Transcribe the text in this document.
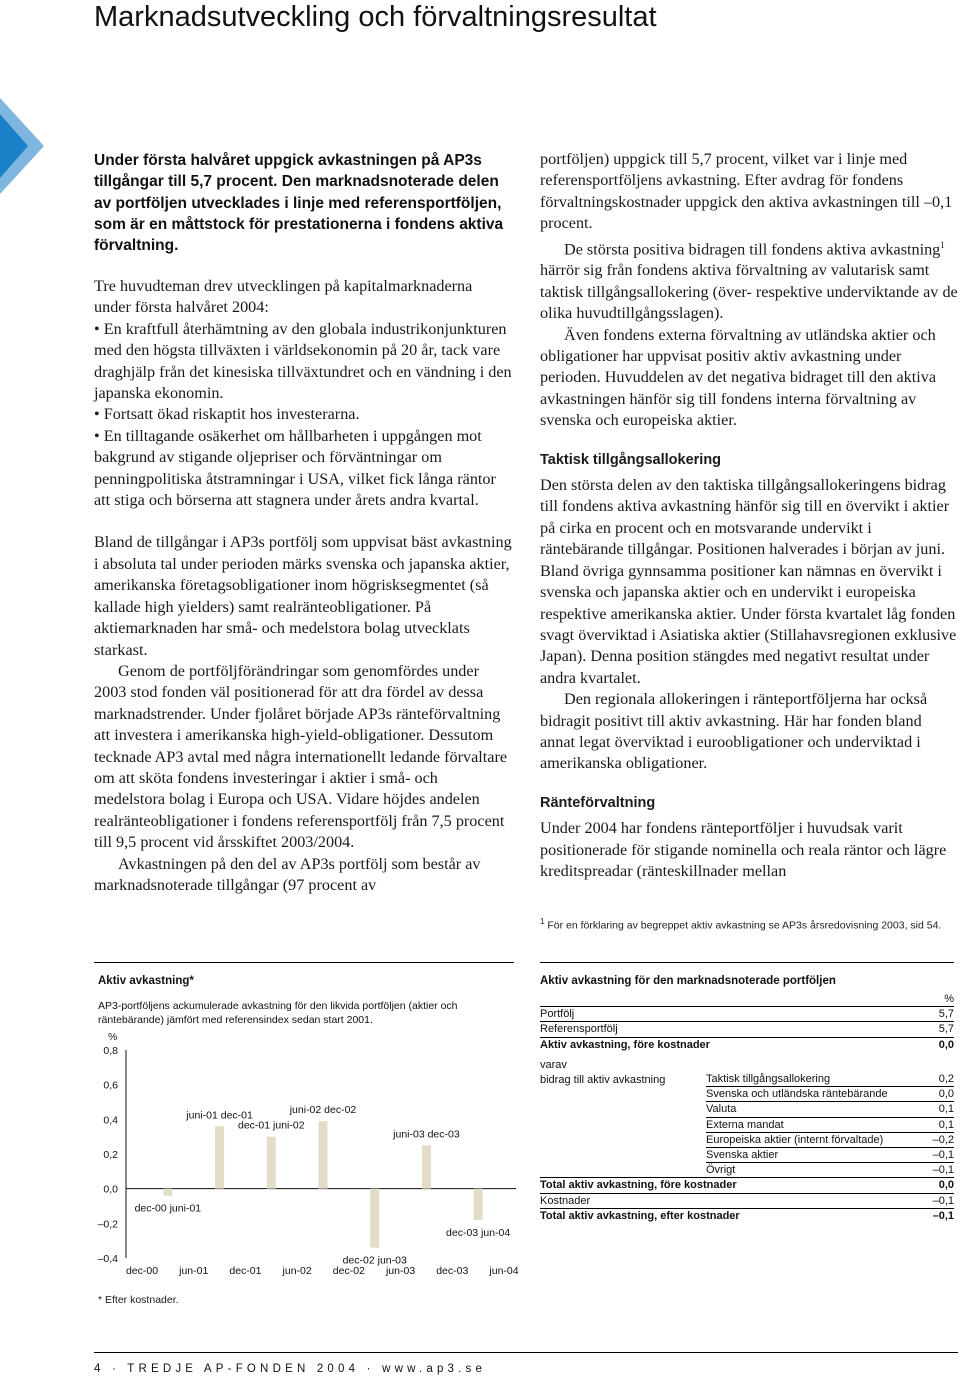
Marknadsutveckling och förvaltningsresultat

Under första halvåret uppgick avkastningen på AP3s tillgångar till 5,7 procent. Den marknadsnoterade delen av portföljen utvecklades i linje med referensportföljen, som är en måttstock för prestationerna i fondens aktiva förvaltning.

Tre huvudteman drev utvecklingen på kapitalmarknaderna under första halvåret 2004:

• En kraftfull återhämtning av den globala industrikonjunkturen med den högsta tillväxten i världsekonomin på 20 år, tack vare draghjälp från det kinesiska tillväxtundret och en vändning i den japanska ekonomin.

• Fortsatt ökad riskaptit hos investerarna.

• En tilltagande osäkerhet om hållbarheten i uppgången mot bakgrund av stigande oljepriser och förväntningar om penningpolitiska åtstramningar i USA, vilket fick långa räntor att stiga och börserna att stagnera under årets andra kvartal.

Bland de tillgångar i AP3s portfölj som uppvisat bäst avkastning i absoluta tal under perioden märks svenska och japanska aktier, amerikanska företagsobligationer inom högrisksegmentet (så kallade high yielders) samt realränteobligationer. På aktiemarknaden har små- och medelstora bolag utvecklats starkast.

Genom de portföljförändringar som genomfördes under 2003 stod fonden väl positionerad för att dra fördel av dessa marknadstrender. Under fjolåret började AP3s ränteförvaltning att investera i amerikanska high-yield-obligationer. Dessutom tecknade AP3 avtal med några internationellt ledande förvaltare om att sköta fondens investeringar i aktier i små- och medelstora bolag i Europa och USA. Vidare höjdes andelen realränteobligationer i fondens referensportfölj från 7,5 procent till 9,5 procent vid årsskiftet 2003/2004.

Avkastningen på den del av AP3s portfölj som består av marknadsnoterade tillgångar (97 procent av

portföljen) uppgick till 5,7 procent, vilket var i linje med referensportföljens avkastning. Efter avdrag för fondens förvaltningskostnader uppgick den aktiva avkastningen till –0,1 procent.

De största positiva bidragen till fondens aktiva avkastning$^1$ härrör sig från fondens aktiva förvaltning av valutarisk samt taktisk tillgångsallokering (över- respektive underviktande av de olika huvudtillgångsslagen).

Även fondens externa förvaltning av utländska aktier och obligationer har uppvisat positiv aktiv avkastning under perioden. Huvuddelen av det negativa bidraget till den aktiva avkastningen hänför sig till fondens interna förvaltning av svenska och europeiska aktier.

Taktisk tillgångsallokering

Den största delen av den taktiska tillgångsallokeringens bidrag till fondens aktiva avkastning hänför sig till en övervikt i aktier på cirka en procent och en motsvarande undervikt i räntebärande tillgångar. Positionen halverades i början av juni. Bland övriga gynnsamma positioner kan nämnas en övervikt i svenska och japanska aktier och en undervikt i europeiska respektive amerikanska aktier. Under första kvartalet låg fonden svagt överviktad i Asiatiska aktier (Stillahavsregionen exklusive Japan). Denna position stängdes med negativt resultat under andra kvartalet.

Den regionala allokeringen i ränteportföljerna har också bidragit positivt till aktiv avkastning. Här har fonden bland annat legat överviktad i euroobligationer och underviktad i amerikanska obligationer.

Ränteförvaltning

Under 2004 har fondens ränteportföljer i huvudsak varit positionerade för stigande nominella och reala räntor och lägre kreditspreadar (ränteskillnader mellan

$^1$ För en förklaring av begreppet aktiv avkastning se AP3s årsredovisning 2003, sid 54.

Aktiv avkastning*

AP3-portföljens ackumulerade avkastning för den likvida portföljen (aktier och räntebärande) jämfört med referensindex sedan start 2001.

%
–0,4
–0,2
0,0
0,2
0,4
0,6
0,8
dec-00 jun-01 dec-01 jun-02 dec-02 jun-03 dec-03 jun-04
dec-00 juni-01
juni-01 dec-01
dec-01 juni-02
juni-02 dec-02
dec-02 jun-03
juni-03 dec-03
dec-03 jun-04
* Efter kostnader.
Aktiv avkastning för den marknadsnoterade portföljen
		%
Portfölj		5,7
Referensportfölj		5,7
Aktiv avkastning, före kostnader		0,0

varav		
bidrag till aktiv avkastning	Taktisk tillgångsallokering	0,2
	Svenska och utländska räntebärande	0,0
	Valuta	0,1
	Externa mandat	0,1
	Europeiska aktier (internt förvaltade)	–0,2
	Svenska aktier	–0,1
	Övrigt	–0,1
Total aktiv avkastning, före kostnader		0,0
Kostnader		–0,1
Total aktiv avkastning, efter kostnader		–0,1
4 · TREDJE AP-FONDEN 2004 · www.ap3.se
